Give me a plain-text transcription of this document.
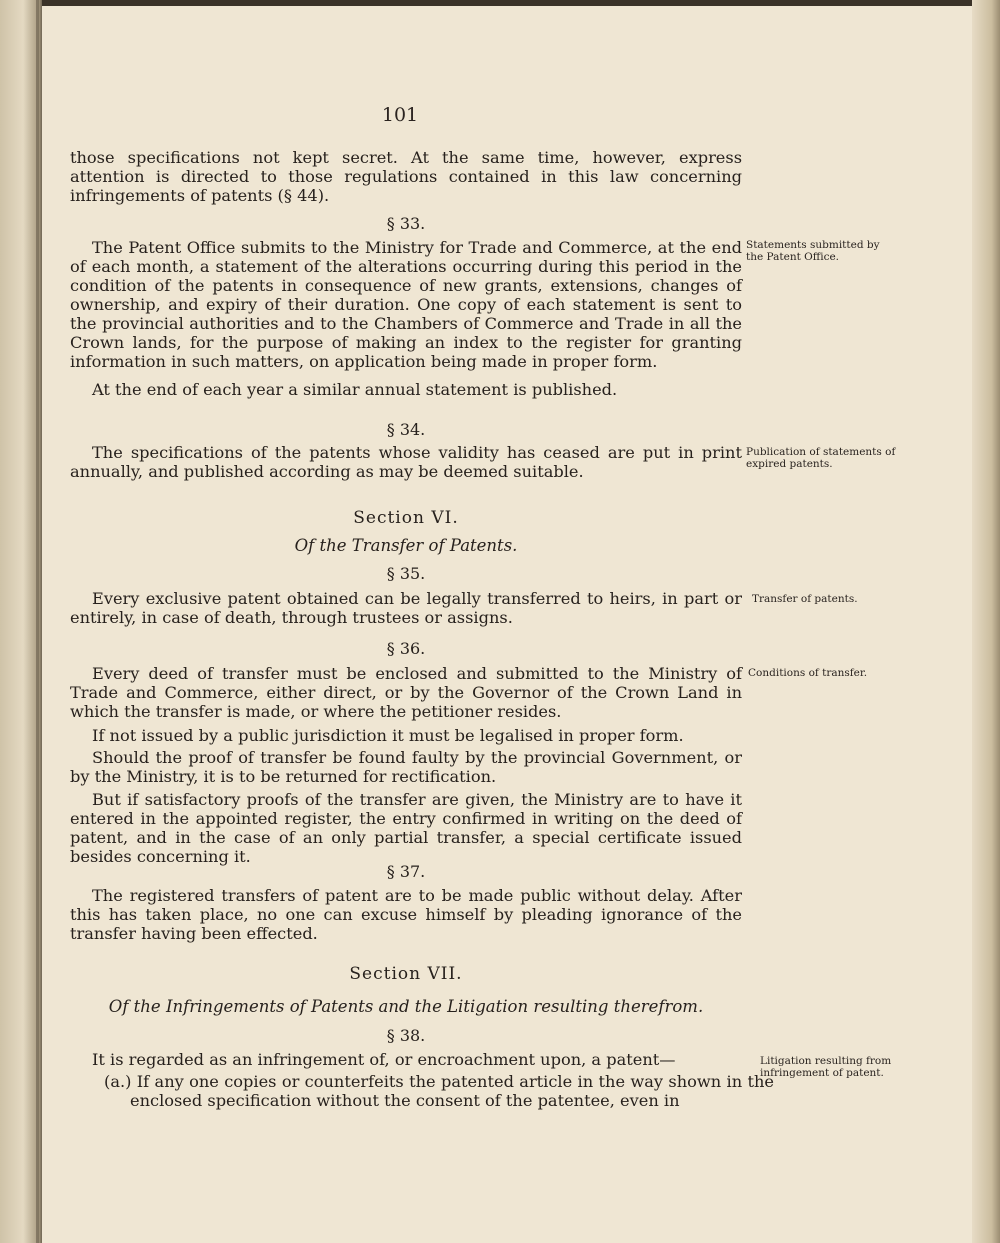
101
those specifications not kept secret. At the same time, however, express attention is directed to those regulations contained in this law concerning infringements of patents (§ 44).
§ 33.
The Patent Office submits to the Ministry for Trade and Commerce, at the end of each month, a statement of the alterations occurring during this period in the condition of the patents in consequence of new grants, extensions, changes of ownership, and expiry of their duration. One copy of each statement is sent to the provincial authorities and to the Chambers of Commerce and Trade in all the Crown lands, for the purpose of making an index to the register for granting information in such matters, on application being made in proper form.
At the end of each year a similar annual statement is published.
§ 34.
The specifications of the patents whose validity has ceased are put in print annually, and published according as may be deemed suitable.
Section VI.
Of the Transfer of Patents.
§ 35.
Every exclusive patent obtained can be legally transferred to heirs, in part or entirely, in case of death, through trustees or assigns.
§ 36.
Every deed of transfer must be enclosed and submitted to the Ministry of Trade and Commerce, either direct, or by the Governor of the Crown Land in which the transfer is made, or where the petitioner resides.
If not issued by a public jurisdiction it must be legalised in proper form.
Should the proof of transfer be found faulty by the provincial Government, or by the Ministry, it is to be returned for rectification.
But if satisfactory proofs of the transfer are given, the Ministry are to have it entered in the appointed register, the entry confirmed in writing on the deed of patent, and in the case of an only partial transfer, a special certificate issued besides concerning it.
§ 37.
The registered transfers of patent are to be made public without delay. After this has taken place, no one can excuse himself by pleading ignorance of the transfer having been effected.
Section VII.
Of the Infringements of Patents and the Litigation resulting therefrom.
§ 38.
It is regarded as an infringement of, or encroachment upon, a patent—
(a.) If any one copies or counterfeits the patented article in the way shown in the enclosed specification without the consent of the patentee, even in
Statements submitted by the Patent Office.
Publication of statements of expired patents.
Transfer of patents.
Conditions of transfer.
Litigation resulting from infringement of patent.
